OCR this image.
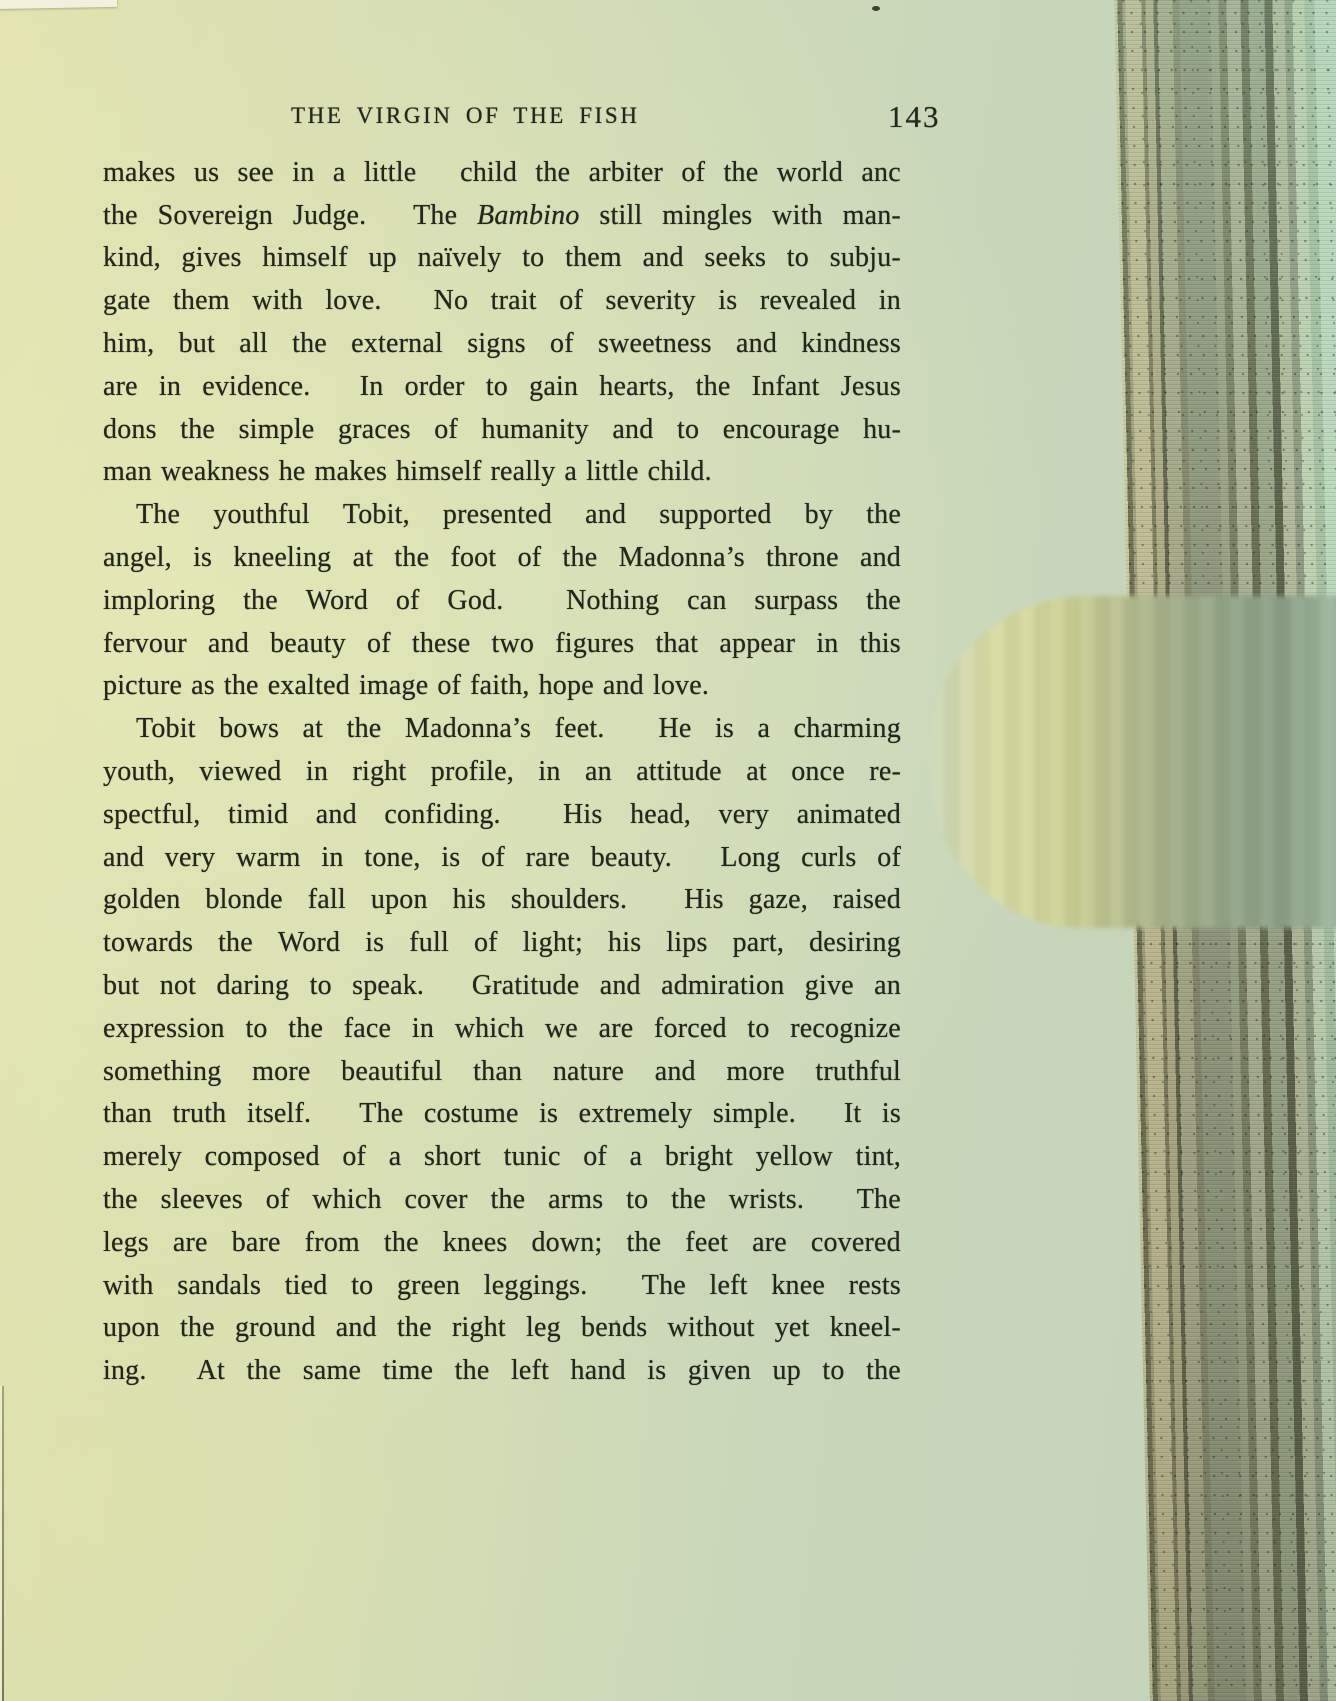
THE VIRGIN OF THE FISH	143
makes us see in a little child the arbiter of the world anc
the Sovereign Judge. The Bambino still mingles with man-
kind, gives himself up naïvely to them and seeks to subju-
gate them with love. No trait of severity is revealed in
him, but all the external signs of sweetness and kindness
are in evidence. In order to gain hearts, the Infant Jesus
dons the simple graces of humanity and to encourage hu-
man weakness he makes himself really a little child.
The youthful Tobit, presented and supported by the
angel, is kneeling at the foot of the Madonna’s throne and
imploring the Word of God. Nothing can surpass the
fervour and beauty of these two figures that appear in this
picture as the exalted image of faith, hope and love.
Tobit bows at the Madonna’s feet. He is a charming
youth, viewed in right profile, in an attitude at once re-
spectful, timid and confiding. His head, very animated
and very warm in tone, is of rare beauty. Long curls of
golden blonde fall upon his shoulders. His gaze, raised
towards the Word is full of light; his lips part, desiring
but not daring to speak. Gratitude and admiration give an
expression to the face in which we are forced to recognize
something more beautiful than nature and more truthful
than truth itself. The costume is extremely simple. It is
merely composed of a short tunic of a bright yellow tint,
the sleeves of which cover the arms to the wrists. The
legs are bare from the knees down; the feet are covered
with sandals tied to green leggings. The left knee rests
upon the ground and the right leg bends without yet kneel-
ing. At the same time the left hand is given up to the
